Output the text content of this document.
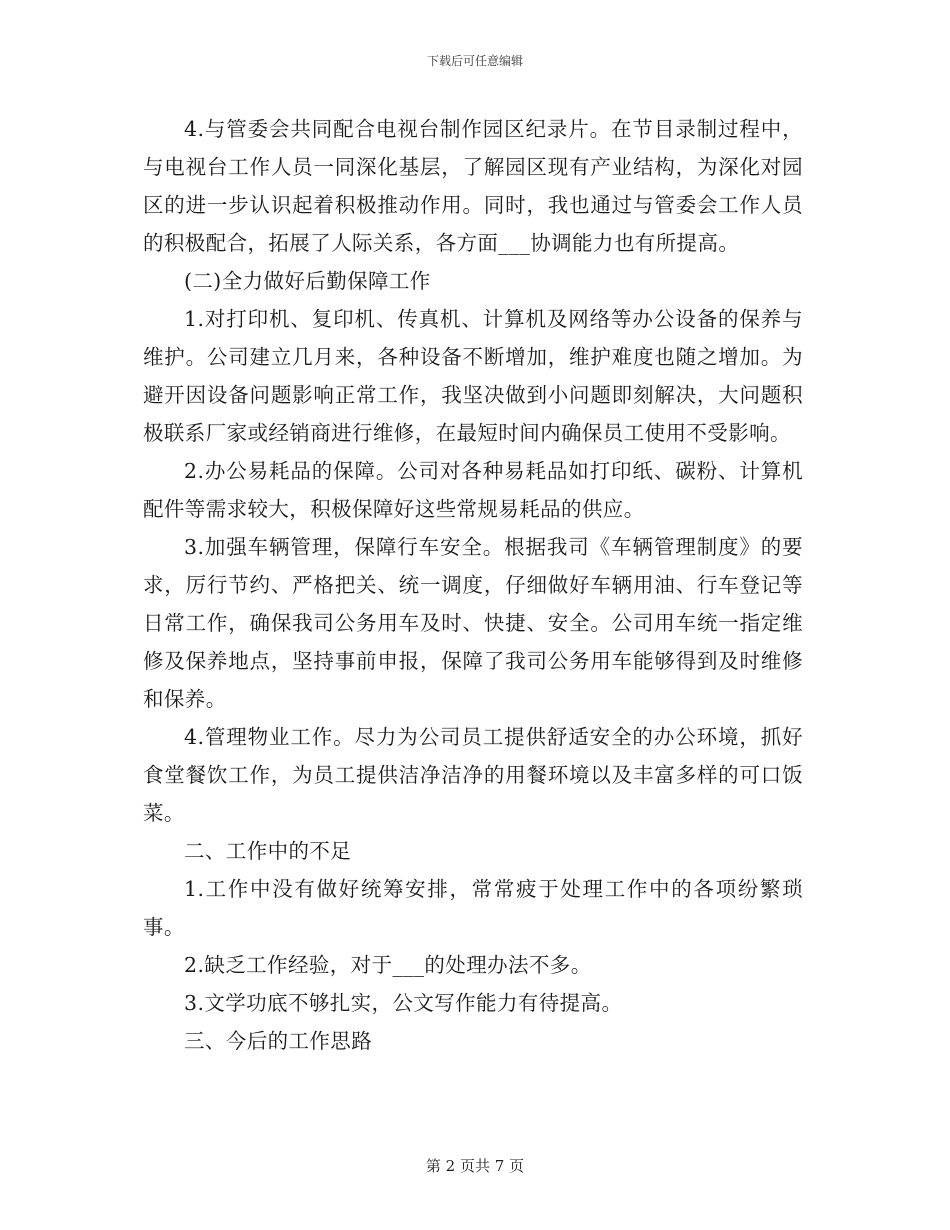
下载后可任意编辑

4.与管委会共同配合电视台制作园区纪录片。在节目录制过程中，与电视台工作人员一同深化基层，了解园区现有产业结构，为深化对园区的进一步认识起着积极推动作用。同时，我也通过与管委会工作人员的积极配合，拓展了人际关系，各方面___协调能力也有所提高。

(二)全力做好后勤保障工作

1.对打印机、复印机、传真机、计算机及网络等办公设备的保养与维护。公司建立几月来，各种设备不断增加，维护难度也随之增加。为避开因设备问题影响正常工作，我坚决做到小问题即刻解决，大问题积极联系厂家或经销商进行维修，在最短时间内确保员工使用不受影响。

2.办公易耗品的保障。公司对各种易耗品如打印纸、碳粉、计算机配件等需求较大，积极保障好这些常规易耗品的供应。

3.加强车辆管理，保障行车安全。根据我司《车辆管理制度》的要求，厉行节约、严格把关、统一调度，仔细做好车辆用油、行车登记等日常工作，确保我司公务用车及时、快捷、安全。公司用车统一指定维修及保养地点，坚持事前申报，保障了我司公务用车能够得到及时维修和保养。

4.管理物业工作。尽力为公司员工提供舒适安全的办公环境，抓好食堂餐饮工作，为员工提供洁净洁净的用餐环境以及丰富多样的可口饭菜。

二、工作中的不足

1.工作中没有做好统筹安排，常常疲于处理工作中的各项纷繁琐事。

2.缺乏工作经验，对于___的处理办法不多。

3.文学功底不够扎实，公文写作能力有待提高。

三、今后的工作思路

第 2 页共 7 页
